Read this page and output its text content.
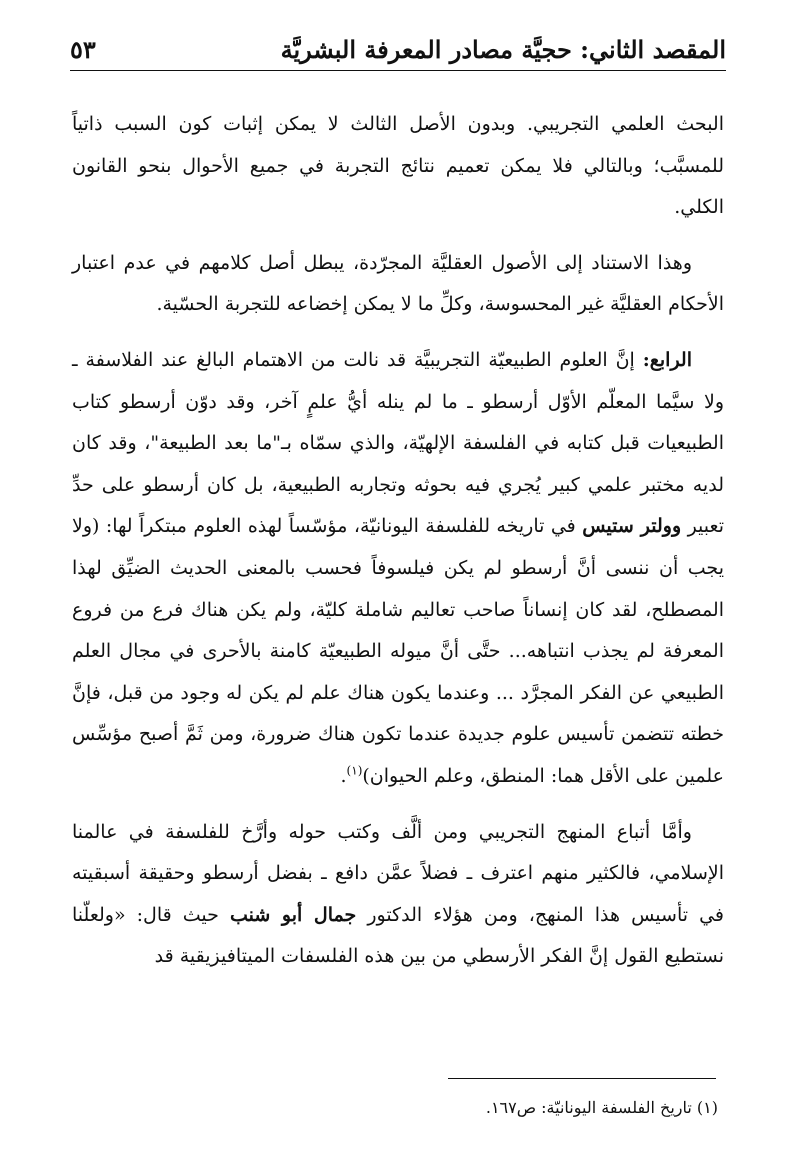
المقصد الثاني: حجيَّة مصادر المعرفة البشريَّة
٥٣

البحث العلمي التجريبي. وبدون الأصل الثالث لا يمكن إثبات كون السبب ذاتياً للمسبَّب؛ وبالتالي فلا يمكن تعميم نتائج التجربة في جميع الأحوال بنحو القانون الكلي.

وهذا الاستناد إلى الأصول العقليَّة المجرّدة، يبطل أصل كلامهم في عدم اعتبار الأحكام العقليَّة غير المحسوسة، وكلِّ ما لا يمكن إخضاعه للتجربة الحسّية.

الرابع: إنَّ العلوم الطبيعيّة التجريبيَّة قد نالت من الاهتمام البالغ عند الفلاسفة ـ ولا سيَّما المعلّم الأوّل أرسطو ـ ما لم ينله أيُّ علمٍ آخر، وقد دوّن أرسطو كتاب الطبيعيات قبل كتابه في الفلسفة الإلهيّة، والذي سمّاه بـ"ما بعد الطبيعة"، وقد كان لديه مختبر علمي كبير يُجري فيه بحوثه وتجاربه الطبيعية، بل كان أرسطو على حدِّ تعبير وولتر ستيس في تاريخه للفلسفة اليونانيّة، مؤسّساً لهذه العلوم مبتكراً لها: (ولا يجب أن ننسى أنَّ أرسطو لم يكن فيلسوفاً فحسب بالمعنى الحديث الضيِّق لهذا المصطلح، لقد كان إنساناً صاحب تعاليم شاملة كليّة، ولم يكن هناك فرع من فروع المعرفة لم يجذب انتباهه... حتَّى أنَّ ميوله الطبيعيّة كامنة بالأحرى في مجال العلم الطبيعي عن الفكر المجرَّد ... وعندما يكون هناك علم لم يكن له وجود من قبل، فإنَّ خطته تتضمن تأسيس علوم جديدة عندما تكون هناك ضرورة، ومن ثَمَّ أصبح مؤسِّس علمين على الأقل هما: المنطق، وعلم الحيوان)$^{(١)}$.

وأمَّا أتباع المنهج التجريبي ومن ألَّف وكتب حوله وأرَّخ للفلسفة في عالمنا الإسلامي، فالكثير منهم اعترف ـ فضلاً عمَّن دافع ـ بفضل أرسطو وحقيقة أسبقيته في تأسيس هذا المنهج، ومن هؤلاء الدكتور جمال أبو شنب حيث قال: «ولعلّنا نستطيع القول إنَّ الفكر الأرسطي من بين هذه الفلسفات الميتافيزيقية قد

(١) تاريخ الفلسفة اليونانيّة: ص١٦٧.
